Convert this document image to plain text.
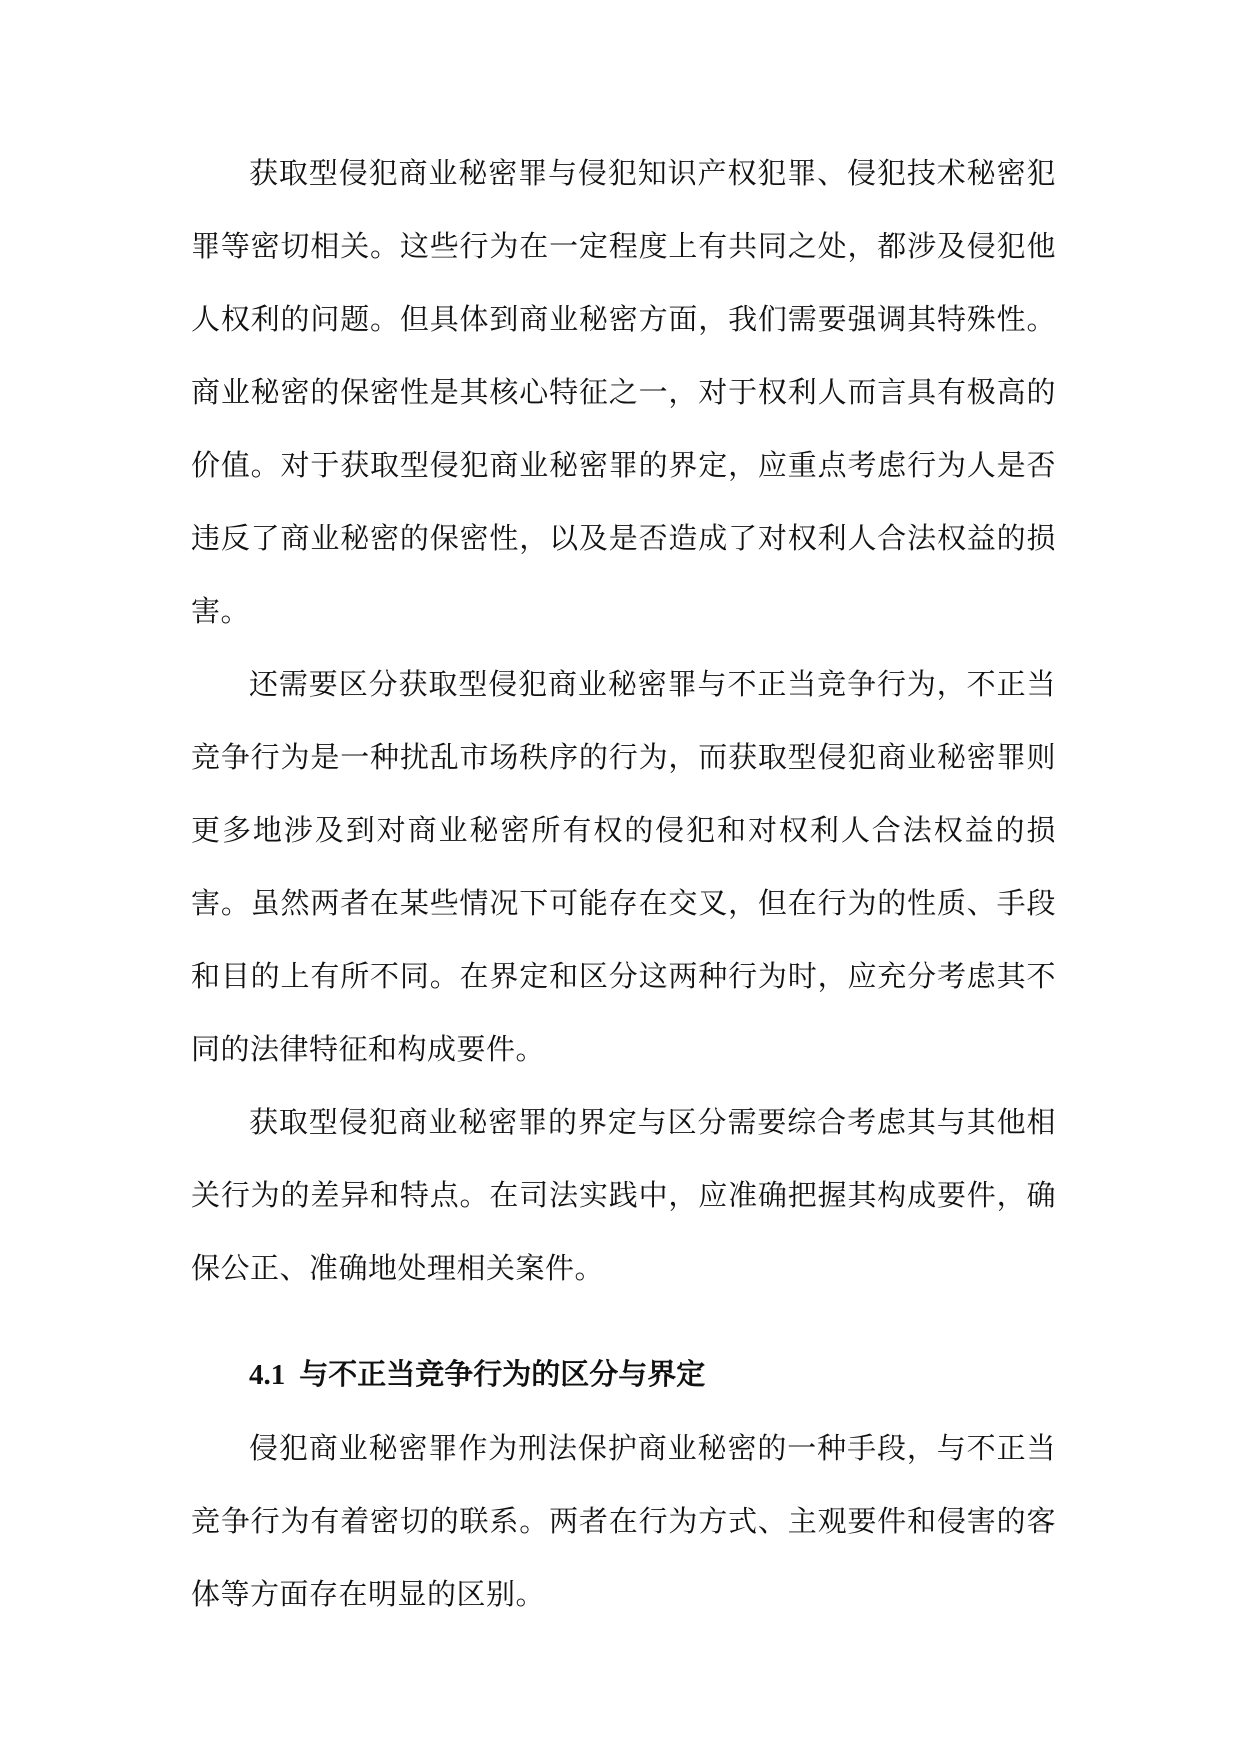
获取型侵犯商业秘密罪与侵犯知识产权犯罪、侵犯技术秘密犯罪等密切相关。这些行为在一定程度上有共同之处，都涉及侵犯他人权利的问题。但具体到商业秘密方面，我们需要强调其特殊性。商业秘密的保密性是其核心特征之一，对于权利人而言具有极高的价值。对于获取型侵犯商业秘密罪的界定，应重点考虑行为人是否违反了商业秘密的保密性，以及是否造成了对权利人合法权益的损害。

还需要区分获取型侵犯商业秘密罪与不正当竞争行为，不正当竞争行为是一种扰乱市场秩序的行为，而获取型侵犯商业秘密罪则更多地涉及到对商业秘密所有权的侵犯和对权利人合法权益的损害。虽然两者在某些情况下可能存在交叉，但在行为的性质、手段和目的上有所不同。在界定和区分这两种行为时，应充分考虑其不同的法律特征和构成要件。

获取型侵犯商业秘密罪的界定与区分需要综合考虑其与其他相关行为的差异和特点。在司法实践中，应准确把握其构成要件，确保公正、准确地处理相关案件。

4.1 与不正当竞争行为的区分与界定

侵犯商业秘密罪作为刑法保护商业秘密的一种手段，与不正当竞争行为有着密切的联系。两者在行为方式、主观要件和侵害的客体等方面存在明显的区别。
